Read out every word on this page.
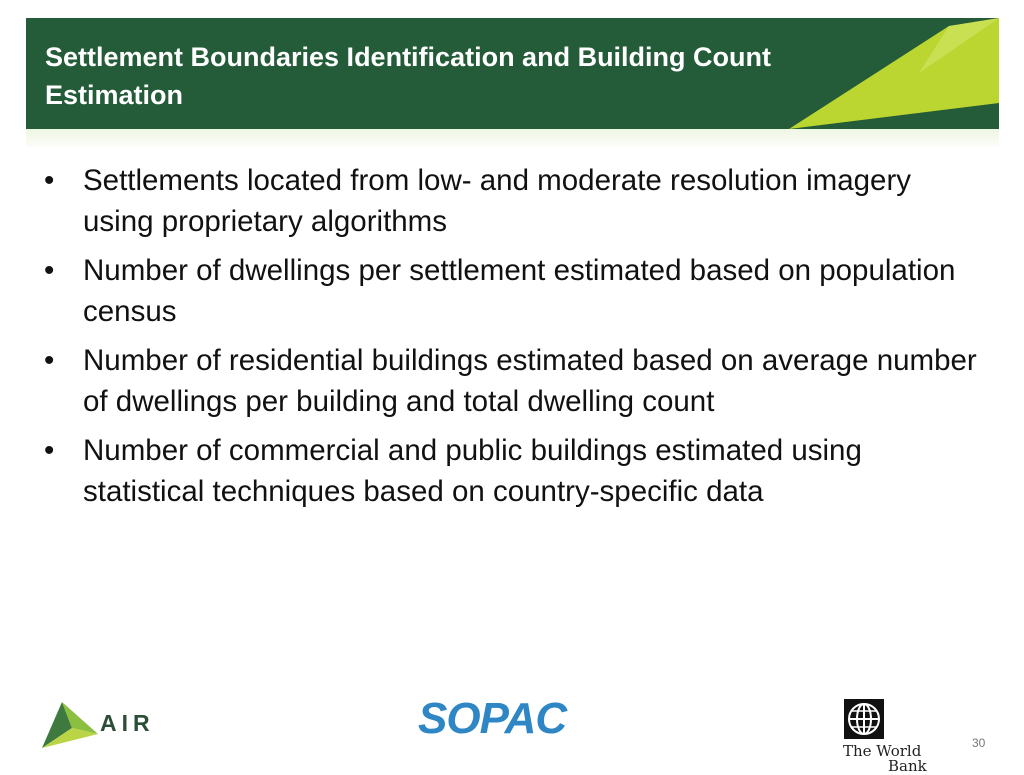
Settlement Boundaries Identification and Building Count Estimation
• Settlements located from low- and moderate resolution imagery using proprietary algorithms
• Number of dwellings per settlement estimated based on population census
• Number of residential buildings estimated based on average number of dwellings per building and total dwelling count
• Number of commercial and public buildings estimated using statistical techniques based on country-specific data
AIR	SOPAC
The World
Bank
30
